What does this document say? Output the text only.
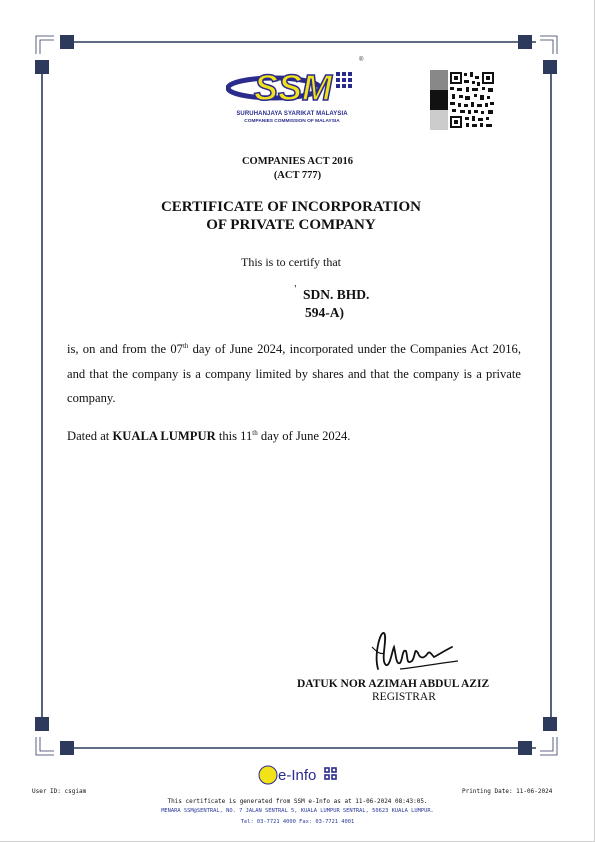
SSM
®
SURUHANJAYA SYARIKAT MALAYSIA
COMPANIES COMMISSION OF MALAYSIA
COMPANIES ACT 2016
(ACT 777)
CERTIFICATE OF INCORPORATION
OF PRIVATE COMPANY
This is to certify that
' SDN. BHD.
594-A)
is, on and from the 07th day of June 2024, incorporated under the Companies Act 2016, and that the company is a company limited by shares and that the company is a private company.
Dated at KUALA LUMPUR this 11th day of June 2024.
DATUK NOR AZIMAH ABDUL AZIZ
REGISTRAR
e-Info
User ID: csgiam	Printing Date: 11-06-2024
This certificate is generated from SSM e-Info as at 11-06-2024 08:43:05.
MENARA SSM@SENTRAL, NO. 7 JALAN SENTRAL 5, KUALA LUMPUR SENTRAL, 50623 KUALA LUMPUR.
Tel: 03-7721 4000 Fax: 03-7721 4001
